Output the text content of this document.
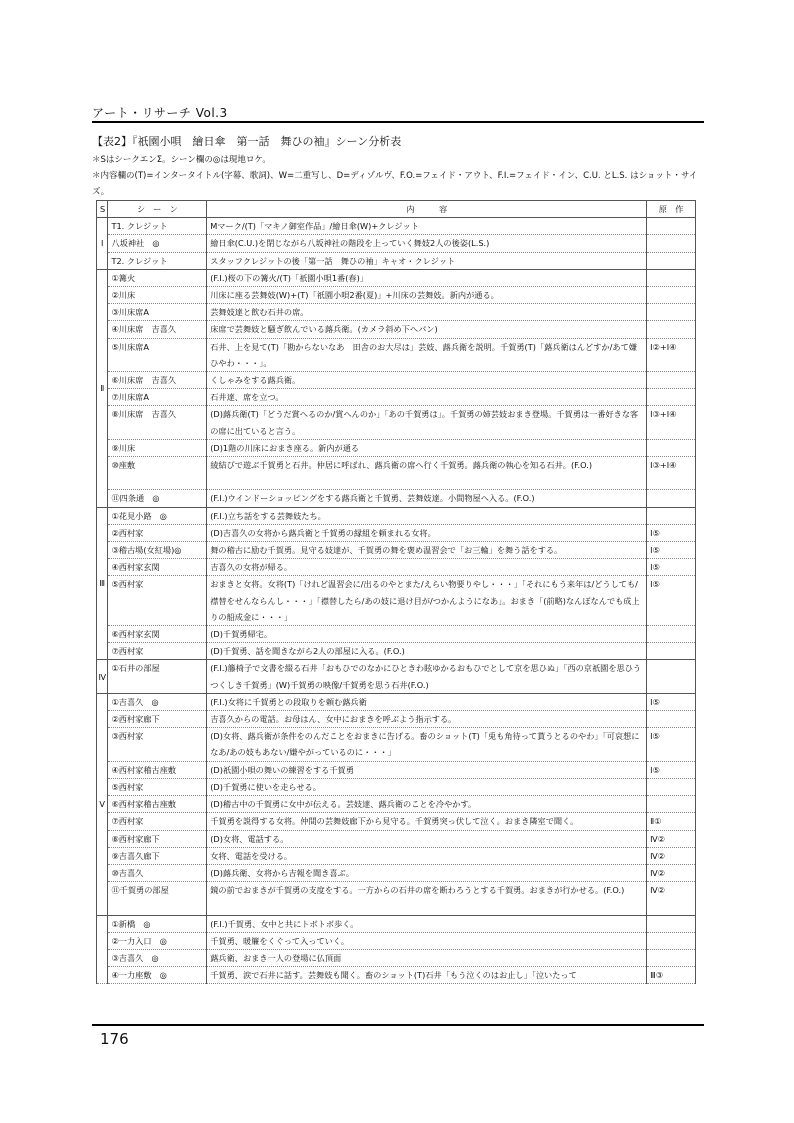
アート・リサーチ Vol.3
【表2】『祇園小唄　繪日傘　第一話　舞ひの袖』シーン分析表
＊SはシークエンΣ。シーン欄の◎は現地ロケ。
＊内容欄の(T)=インタータイトル(字幕、歌詞)、W=二重写し、D=ディゾルヴ、F.O.=フェイド・アウト、F.I.=フェイド・イン、C.U. とL.S. はショット・サイズ。
S	シ　ー　ン	内　　　容	原　作
Ⅰ	T1. クレジット	Mマーク/(T)「マキノ御室作品」/繪日傘(W)+クレジット	
	八坂神社　◎	繪日傘(C.U.)を閉じながら八坂神社の階段を上っていく舞妓2人の後姿(L.S.)	
	T2. クレジット	スタッフクレジットの後「第一話　舞ひの袖」キャオ・クレジット	
Ⅱ	①篝火	(F.I.)桜の下の篝火/(T)「祇園小唄1番(春)」	
	②川床	川床に座る芸舞妓(W)+(T)「祇園小唄2番(夏)」+川床の芸舞妓。新内が通る。	
	③川床席A	芸舞妓達と飲む石井の席。	
	④川床席　吉喜久	床席で芸舞妓と騒ぎ飲んでいる蕗兵衛。(カメラ斜め下へパン)	
	⑤川床席A	石井、上を見て(T)「勘からないなあ　田舎のお大尽は」芸妓、蕗兵衛を説明。千賀勇(T)「蕗兵衛はんどすか/あて嫌ひやわ・・・」。	Ⅰ②+Ⅰ④
	⑥川床席　吉喜久	くしゃみをする蕗兵衛。	
	⑦川床席A	石井達、席を立つ。	
	⑧川床席　吉喜久	(D)蕗兵衛(T)「どうだ賞へるのか/賞へんのか」「あの千賀勇は」。千賀勇の姉芸妓おまき登場。千賀勇は一番好きな客の席に出ていると言う。	Ⅰ③+Ⅰ④
	⑨川床	(D)1階の川床におまき座る。新内が通る	
	⑩座敷	綾結びで遊ぶ千賀勇と石井。仲居に呼ばれ、蕗兵衛の席へ行く千賀勇。蕗兵衛の執心を知る石井。(F.O.)	Ⅰ③+Ⅰ④
	⑪四条通　◎	(F.I.)ウインドーショッピングをする蕗兵衛と千賀勇、芸舞妓達。小間物屋へ入る。(F.O.)	
Ⅲ	①花見小路　◎	(F.I.)立ち話をする芸舞妓たち。	
	②西村家	(D)吉喜久の女将から蕗兵衛と千賀勇の縁組を頼まれる女将。	Ⅰ⑤
	③稽古場(女紅場)◎	舞の稽古に励む千賀勇。見守る妓達が、千賀勇の舞を褒め温習会で「お三輪」を舞う話をする。	Ⅰ⑤
	④西村家玄関	吉喜久の女将が帰る。	Ⅰ⑤
	⑤西村家	おまきと女将。女将(T)「けれど温習会に/出るのやとまた/えらい物要りやし・・・」「それにもう来年は/どうしても/襟替をせんならんし・・・」「襟替したら/あの妓に退け目が/つかんようになあ」。おまき「(前略)なんぼなんでも成上りの船成金に・・・」	Ⅰ⑤
	⑥西村家玄関	(D)千賀勇帰宅。	
	⑦西村家	(D)千賀勇、話を聞きながら2人の部屋に入る。(F.O.)	
Ⅳ	①石井の部屋	(F.I.)籐椅子で文書を綴る石井「おもひでのなかにひときわ眩ゆかるおもひでとして京を思ひぬ」「西の京祇園を思ひうつくしき千賀勇」(W)千賀勇の映像/千賀勇を思う石井(F.O.)	
Ⅴ	①吉喜久　◎	(F.I.)女将に千賀勇との段取りを頼む蕗兵衛	Ⅰ⑤
	②西村家廊下	吉喜久からの電話。お母はん、女中におまきを呼ぶよう指示する。	
	③西村家	(D)女将、蕗兵衛が条件をのんだことをおまきに告げる。畜のショット(T)「兎も角待って貰うとるのやわ」「可哀想になあ/あの妓もあない/嫌やがっているのに・・・」	Ⅰ⑤
	④西村家稽古座敷	(D)祇園小唄の舞いの練習をする千賀勇	Ⅰ⑤
	⑤西村家	(D)千賀勇に使いを走らせる。	
	⑥西村家稽古座敷	(D)稽古中の千賀勇に女中が伝える。芸妓達、蕗兵衛のことを冷やかす。	
	⑦西村家	千賀勇を説得する女将。仲間の芸舞妓廊下から見守る。千賀勇突っ伏して泣く。おまき隣室で聞く。	Ⅱ①
	⑧西村家廊下	(D)女将、電話する。	Ⅳ②
	⑨吉喜久廊下	女将、電話を受ける。	Ⅳ②
	⑩吉喜久	(D)蕗兵衛、女将から吉報を聞き喜ぶ。	Ⅳ②
	⑪千賀勇の部屋	鏡の前でおまきが千賀勇の支度をする。一方からの石井の席を断わろうとする千賀勇。おまきが行かせる。(F.O.)	Ⅳ②
	①新橋　◎	(F.I.)千賀勇、女中と共にトボトボ歩く。	
	②一力入口　◎	千賀勇、暖簾をくぐって入っていく。	
	③吉喜久　◎	蕗兵衛、おまき一人の登場に仏頂面	
	④一力座敷　◎	千賀勇、涙で石井に話す。芸舞妓も聞く。畜のショット(T)石井「もう泣くのはお止し」「泣いたって	Ⅲ③
176
